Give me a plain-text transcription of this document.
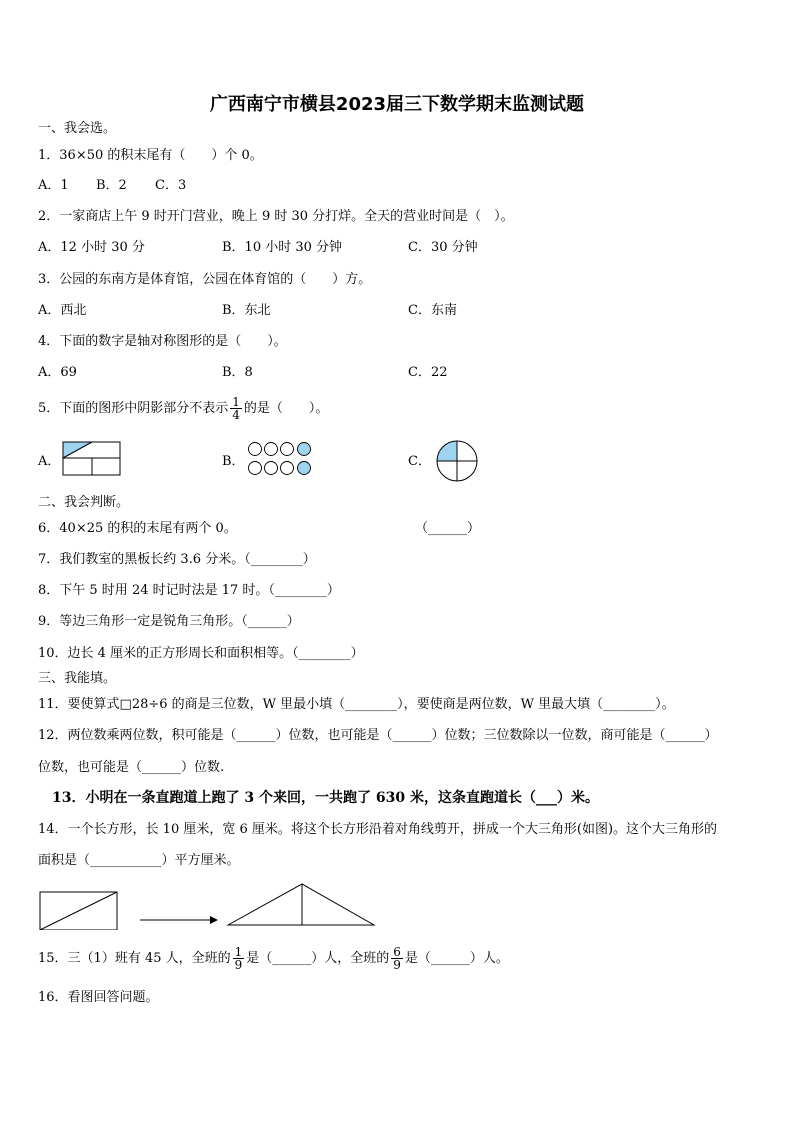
广西南宁市横县2023届三下数学期末监测试题
一、我会选。
1．36×50 的积末尾有（　　）个 0。
A．1 B．2 C．3
2．一家商店上午 9 时开门营业，晚上 9 时 30 分打烊。全天的营业时间是（　）。
A．12 小时 30 分	B．10 小时 30 分钟	C．30 分钟
3．公园的东南方是体育馆，公园在体育馆的（　　）方。
A．西北	B．东北	C．东南
4．下面的数字是轴对称图形的是（　　）。
A．69	B．8	C．22
5．下面的图形中阴影部分不表示 $\frac{1}{4}$ 的是（　　）。
A．	B．	C．
二、我会判断。
6．40×25 的积的末尾有两个 0。	（______）
7．我们教室的黑板长约 3.6 分米。（________）
8．下午 5 时用 24 时记时法是 17 时。（________）
9．等边三角形一定是锐角三角形。（______）
10．边长 4 厘米的正方形周长和面积相等。（________）
三、我能填。
11．要使算式□28÷6 的商是三位数，W 里最小填（________），要使商是两位数，W 里最大填（________）。
12．两位数乘两位数，积可能是（______）位数，也可能是（______）位数；三位数除以一位数，商可能是（______）
位数，也可能是（______）位数.
13．小明在一条直跑道上跑了 3 个来回，一共跑了 630 米，这条直跑道长（___）米。
14．一个长方形，长 10 厘米，宽 6 厘米。将这个长方形沿着对角线剪开，拼成一个大三角形(如图)。这个大三角形的
面积是（___________）平方厘米。
15．三（1）班有 45 人，全班的 $\frac{1}{9}$ 是（______）人，全班的 $\frac{6}{9}$ 是（______）人。
16．看图回答问题。
